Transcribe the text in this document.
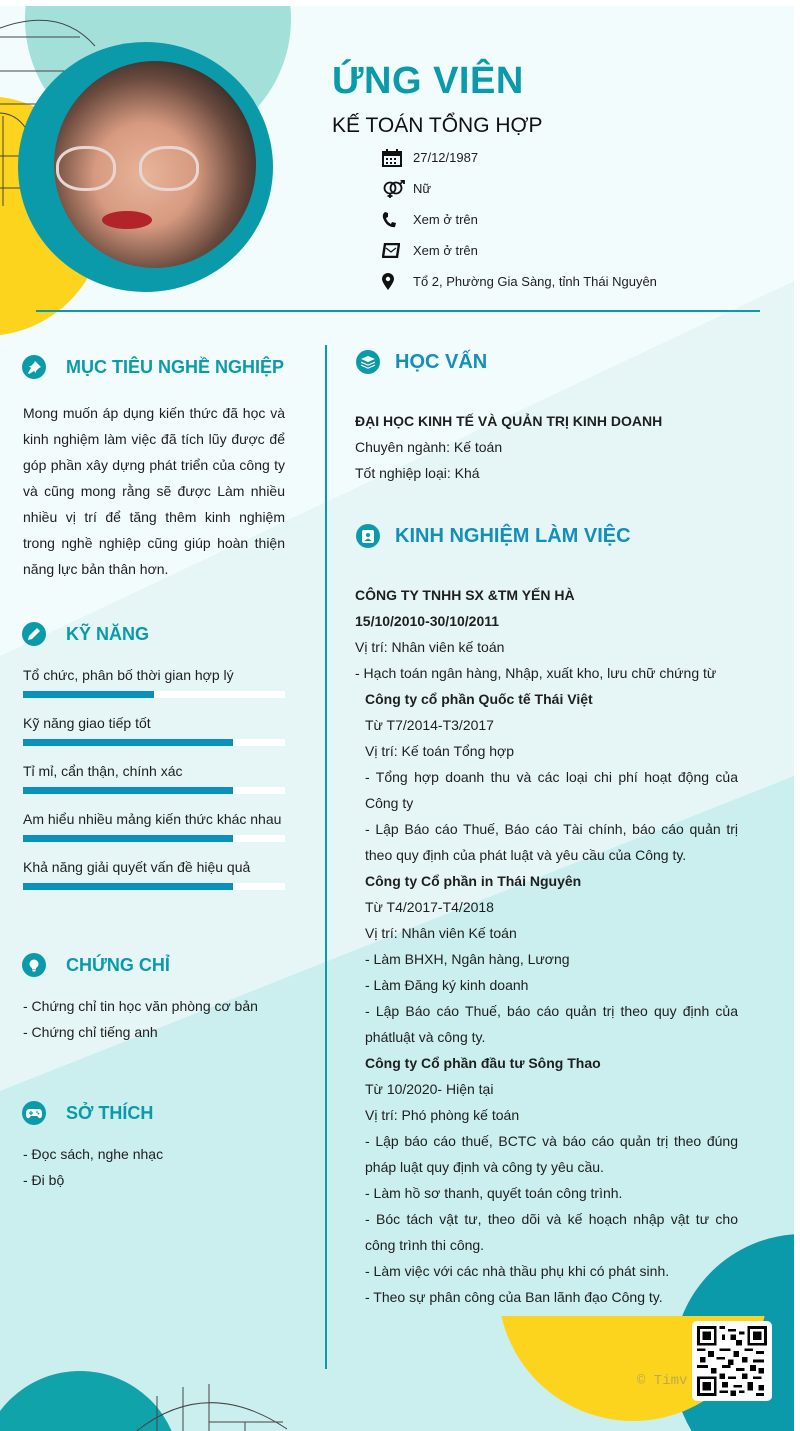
ỨNG VIÊN
KẾ TOÁN TỔNG HỢP
27/12/1987
Nữ
Xem ở trên
Xem ở trên
Tổ 2, Phường Gia Sàng, tỉnh Thái Nguyên
MỤC TIÊU NGHỀ NGHIỆP
Mong muốn áp dụng kiến thức đã học và kinh nghiệm làm việc đã tích lũy được để góp phần xây dựng phát triển của công ty và cũng mong rằng sẽ được Làm nhiều nhiều vị trí để tăng thêm kinh nghiệm trong nghề nghiệp cũng giúp hoàn thiện năng lực bản thân hơn.
KỸ NĂNG
Tổ chức, phân bố thời gian hợp lý
Kỹ năng giao tiếp tốt
Tỉ mỉ, cẩn thận, chính xác
Am hiểu nhiều mảng kiến thức khác nhau
Khả năng giải quyết vấn đề hiệu quả
CHỨNG CHỈ
- Chứng chỉ tin học văn phòng cơ bản
- Chứng chỉ tiếng anh
SỞ THÍCH
- Đọc sách, nghe nhạc
- Đi bộ
HỌC VẤN
ĐẠI HỌC KINH TẾ VÀ QUẢN TRỊ KINH DOANH
Chuyên ngành: Kế toán
Tốt nghiệp loại: Khá
KINH NGHIỆM LÀM VIỆC
CÔNG TY TNHH SX &TM YẾN HÀ
15/10/2010-30/10/2011
Vị trí: Nhân viên kế toán
- Hạch toán ngân hàng, Nhập, xuất kho, lưu chữ chứng từ
Công ty cổ phần Quốc tế Thái Việt
Từ T7/2014-T3/2017
Vị trí: Kế toán Tổng hợp
- Tổng hợp doanh thu và các loại chi phí hoạt động của Công ty
- Lập Báo cáo Thuế, Báo cáo Tài chính, báo cáo quản trị theo quy định của phát luật và yêu cầu của Công ty.
Công ty Cổ phần in Thái Nguyên
Từ T4/2017-T4/2018
Vị trí: Nhân viên Kế toán
- Làm BHXH, Ngân hàng, Lương
- Làm Đăng ký kinh doanh
- Lập Báo cáo Thuế, báo cáo quản trị theo quy định của phátluật và công ty.
Công ty Cổ phần đầu tư Sông Thao
Từ 10/2020- Hiện tại
Vị trí: Phó phòng kế toán
- Lập báo cáo thuế, BCTC và báo cáo quản trị theo đúng pháp luật quy định và công ty yêu cầu.
- Làm hồ sơ thanh, quyết toán công trình.
- Bóc tách vật tư, theo dõi và kế hoạch nhập vật tư cho công trình thi công.
- Làm việc với các nhà thầu phụ khi có phát sinh.
- Theo sự phân công của Ban lãnh đạo Công ty.
© Timv
